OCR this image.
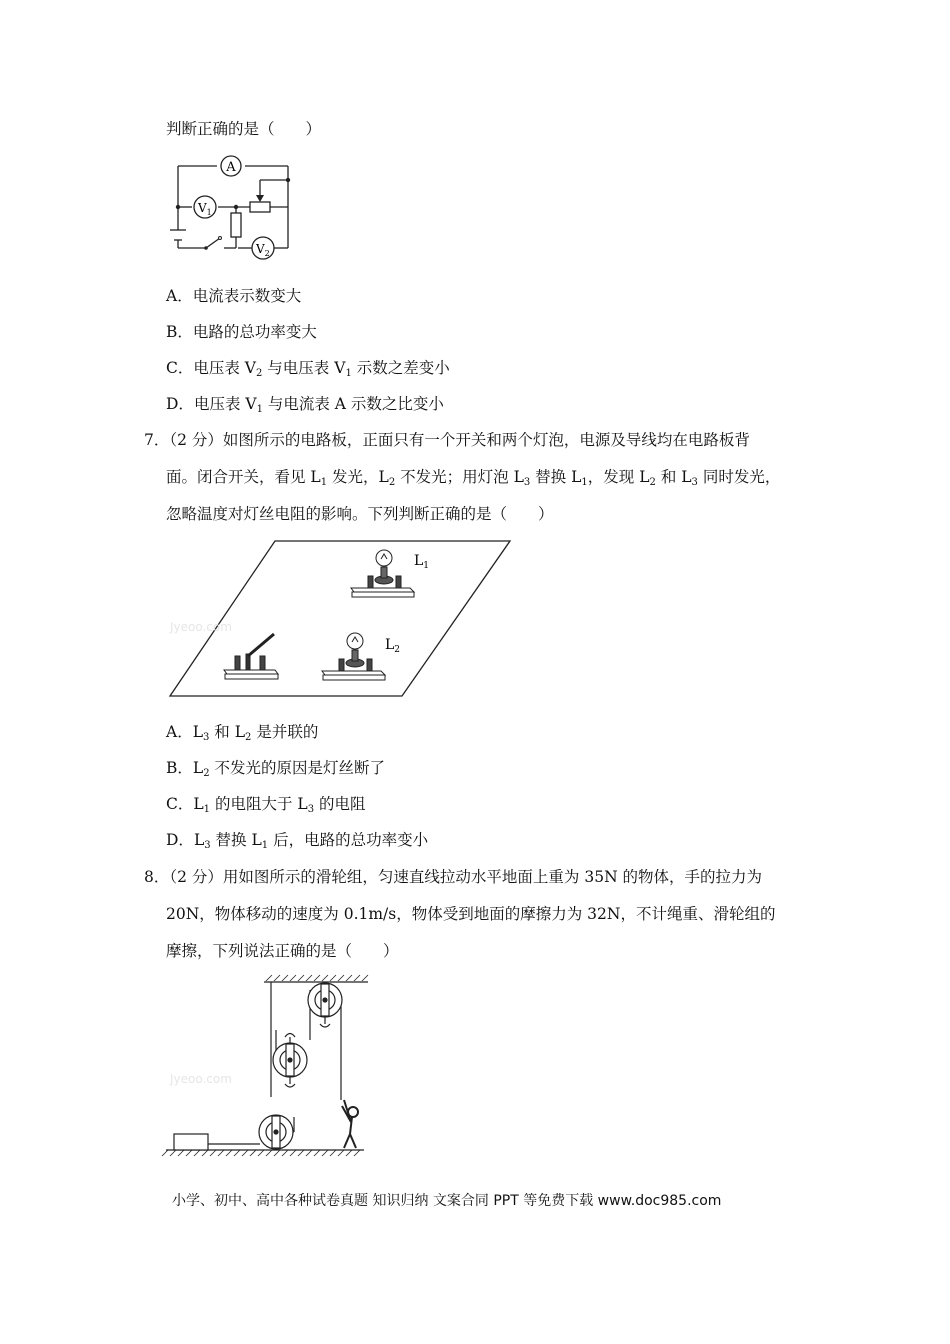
判断正确的是（　　）
A
$V_1$
$V_2$
A．电流表示数变大
B．电路的总功率变大
C．电压表 $V_2$ 与电压表 $V_1$ 示数之差变小
D．电压表 $V_1$ 与电流表 A 示数之比变小
7．（2 分）如图所示的电路板，正面只有一个开关和两个灯泡，电源及导线均在电路板背
面。闭合开关，看见 $L_1$ 发光，$L_2$ 不发光；用灯泡 $L_3$ 替换 $L_1$，发现 $L_2$ 和 $L_3$ 同时发光，
忽略温度对灯丝电阻的影响。下列判断正确的是（　　）
$L_1$
$L_2$
Jyeoo.com
A．$L_3$ 和 $L_2$ 是并联的
B．$L_2$ 不发光的原因是灯丝断了
C．$L_1$ 的电阻大于 $L_3$ 的电阻
D．$L_3$ 替换 $L_1$ 后，电路的总功率变小
8．（2 分）用如图所示的滑轮组，匀速直线拉动水平地面上重为 35N 的物体，手的拉力为
20N，物体移动的速度为 0.1m/s，物体受到地面的摩擦力为 32N，不计绳重、滑轮组的
摩擦，下列说法正确的是（　　）
Jyeoo.com
小学、初中、高中各种试卷真题 知识归纳 文案合同 PPT 等免费下载 www.doc985.com
